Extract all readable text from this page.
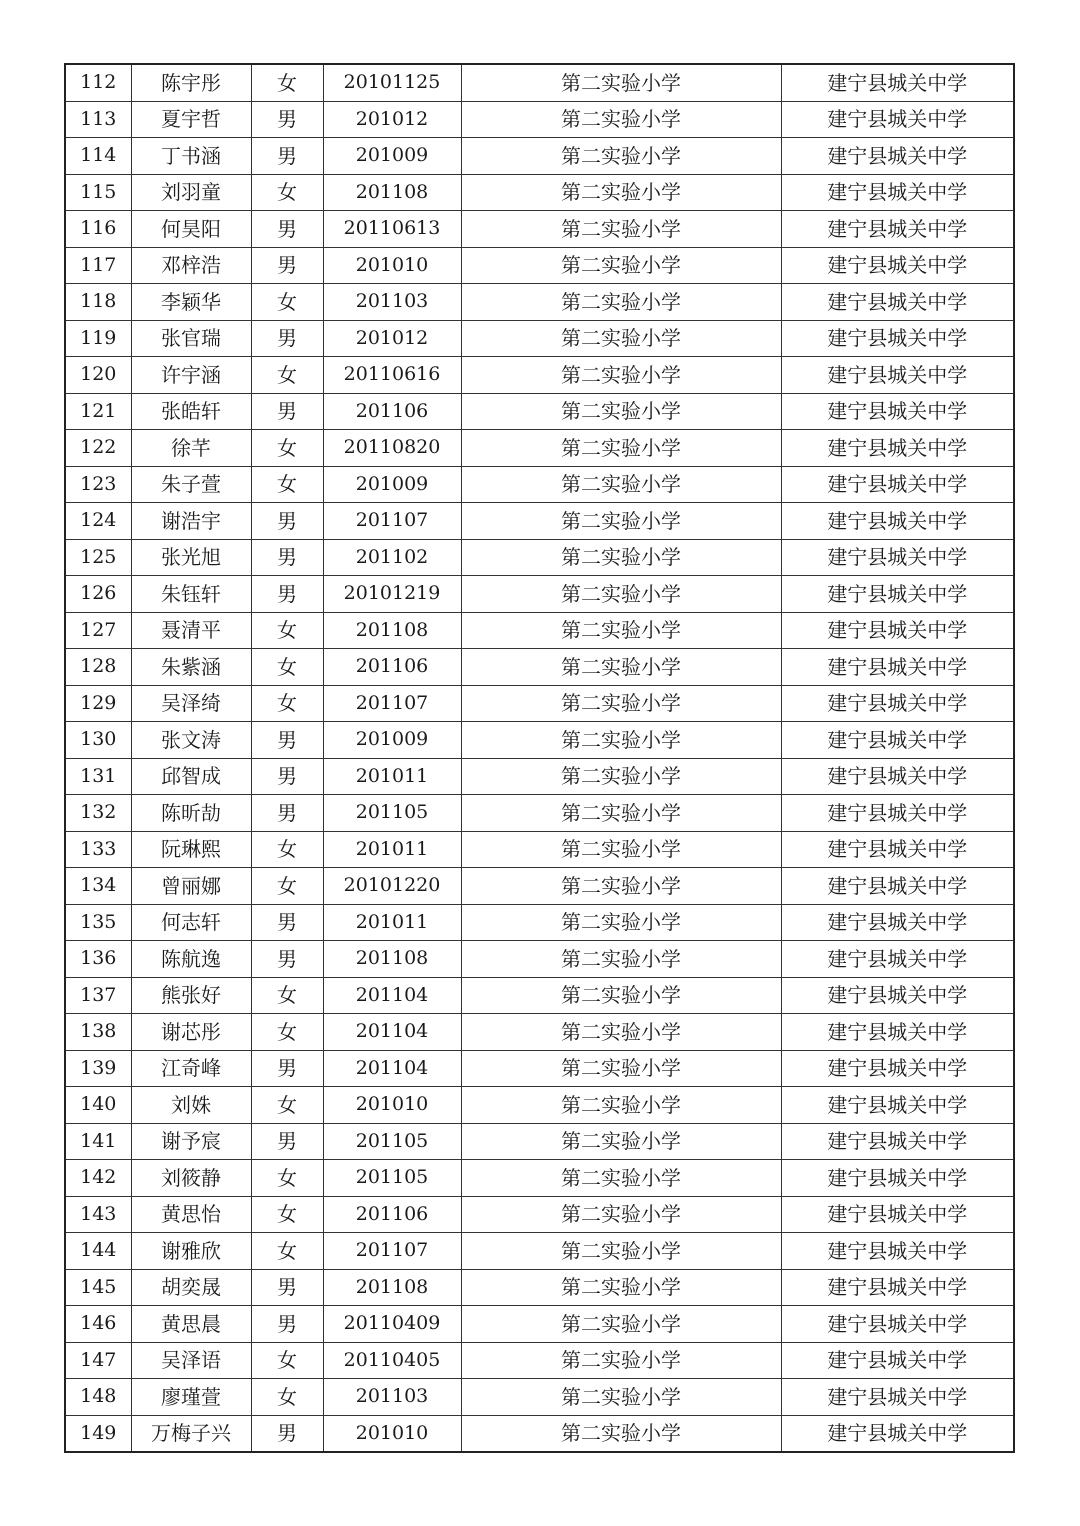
112	陈宇彤	女	20101125	第二实验小学	建宁县城关中学
113	夏宇哲	男	201012	第二实验小学	建宁县城关中学
114	丁书涵	男	201009	第二实验小学	建宁县城关中学
115	刘羽童	女	201108	第二实验小学	建宁县城关中学
116	何昊阳	男	20110613	第二实验小学	建宁县城关中学
117	邓梓浩	男	201010	第二实验小学	建宁县城关中学
118	李颖华	女	201103	第二实验小学	建宁县城关中学
119	张官瑞	男	201012	第二实验小学	建宁县城关中学
120	许宇涵	女	20110616	第二实验小学	建宁县城关中学
121	张皓轩	男	201106	第二实验小学	建宁县城关中学
122	徐芊	女	20110820	第二实验小学	建宁县城关中学
123	朱子萱	女	201009	第二实验小学	建宁县城关中学
124	谢浩宇	男	201107	第二实验小学	建宁县城关中学
125	张光旭	男	201102	第二实验小学	建宁县城关中学
126	朱钰轩	男	20101219	第二实验小学	建宁县城关中学
127	聂清平	女	201108	第二实验小学	建宁县城关中学
128	朱紫涵	女	201106	第二实验小学	建宁县城关中学
129	吴泽绮	女	201107	第二实验小学	建宁县城关中学
130	张文涛	男	201009	第二实验小学	建宁县城关中学
131	邱智成	男	201011	第二实验小学	建宁县城关中学
132	陈昕劼	男	201105	第二实验小学	建宁县城关中学
133	阮琳熙	女	201011	第二实验小学	建宁县城关中学
134	曾丽娜	女	20101220	第二实验小学	建宁县城关中学
135	何志轩	男	201011	第二实验小学	建宁县城关中学
136	陈航逸	男	201108	第二实验小学	建宁县城关中学
137	熊张好	女	201104	第二实验小学	建宁县城关中学
138	谢芯彤	女	201104	第二实验小学	建宁县城关中学
139	江奇峰	男	201104	第二实验小学	建宁县城关中学
140	刘姝	女	201010	第二实验小学	建宁县城关中学
141	谢予宸	男	201105	第二实验小学	建宁县城关中学
142	刘筱静	女	201105	第二实验小学	建宁县城关中学
143	黄思怡	女	201106	第二实验小学	建宁县城关中学
144	谢雅欣	女	201107	第二实验小学	建宁县城关中学
145	胡奕晟	男	201108	第二实验小学	建宁县城关中学
146	黄思晨	男	20110409	第二实验小学	建宁县城关中学
147	吴泽语	女	20110405	第二实验小学	建宁县城关中学
148	廖瑾萱	女	201103	第二实验小学	建宁县城关中学
149	万梅子兴	男	201010	第二实验小学	建宁县城关中学
